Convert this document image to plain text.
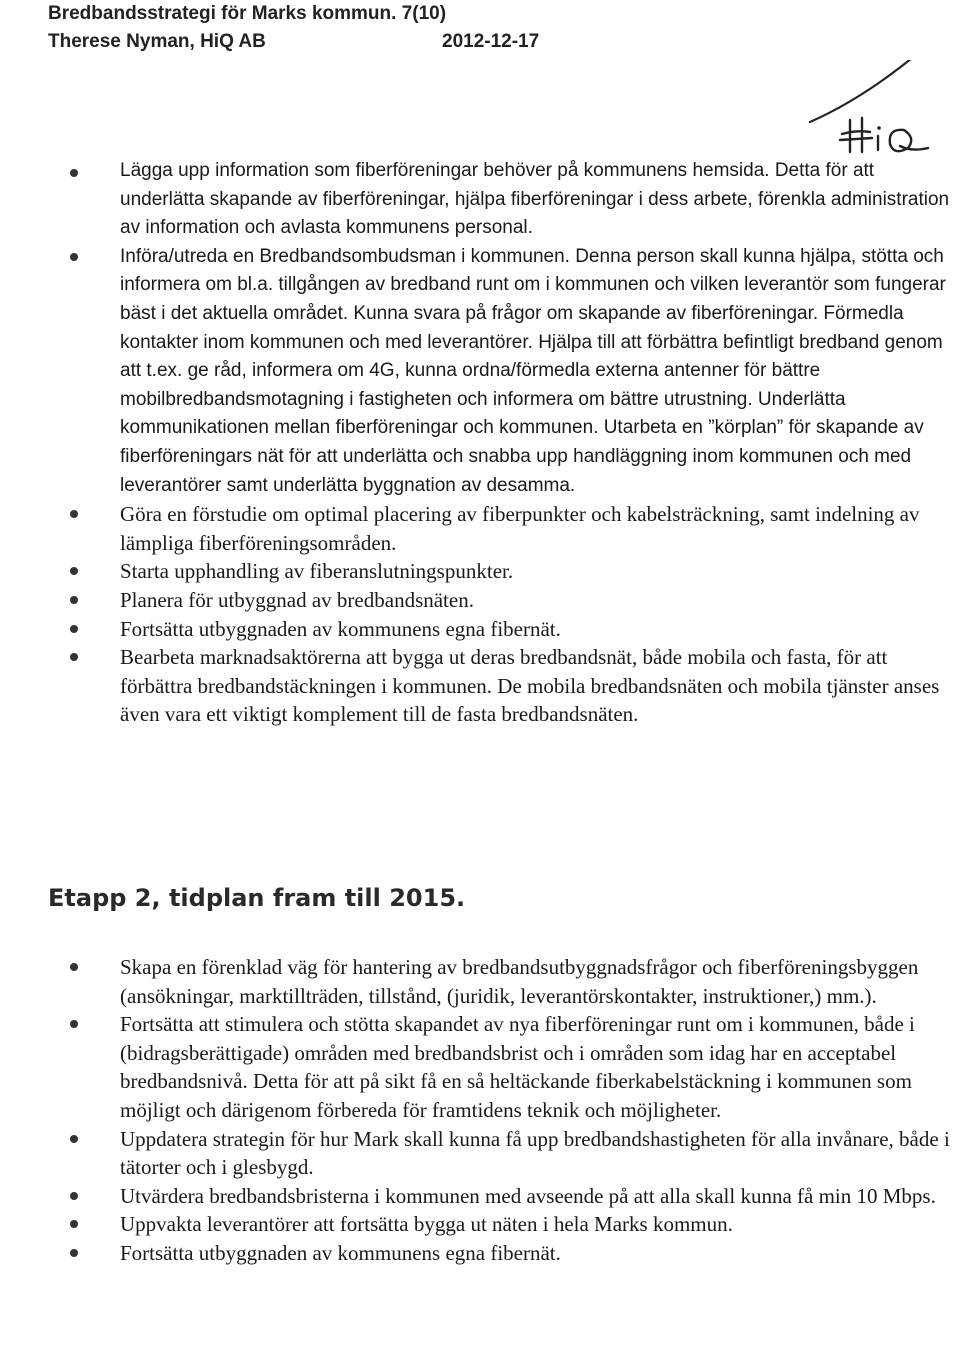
Bredbandsstrategi för Marks kommun. 7(10)
Therese Nyman, HiQ AB	2012-12-17
Lägga upp information som fiberföreningar behöver på kommunens hemsida. Detta för att underlätta skapande av fiberföreningar, hjälpa fiberföreningar i dess arbete, förenkla administration av information och avlasta kommunens personal.
Införa/utreda en Bredbandsombudsman i kommunen. Denna person skall kunna hjälpa, stötta och informera om bl.a. tillgången av bredband runt om i kommunen och vilken leverantör som fungerar bäst i det aktuella området. Kunna svara på frågor om skapande av fiberföreningar. Förmedla kontakter inom kommunen och med leverantörer. Hjälpa till att förbättra befintligt bredband genom att t.ex. ge råd, informera om 4G, kunna ordna/förmedla externa antenner för bättre mobilbredbandsmotagning i fastigheten och informera om bättre utrustning. Underlätta kommunikationen mellan fiberföreningar och kommunen. Utarbeta en ”körplan” för skapande av fiberföreningars nät för att underlätta och snabba upp handläggning inom kommunen och med leverantörer samt underlätta byggnation av desamma.
Göra en förstudie om optimal placering av fiberpunkter och kabelsträckning, samt indelning av lämpliga fiberföreningsområden.
Starta upphandling av fiberanslutningspunkter.
Planera för utbyggnad av bredbandsnäten.
Fortsätta utbyggnaden av kommunens egna fibernät.
Bearbeta marknadsaktörerna att bygga ut deras bredbandsnät, både mobila och fasta, för att förbättra bredbandstäckningen i kommunen. De mobila bredbandsnäten och mobila tjänster anses även vara ett viktigt komplement till de fasta bredbandsnäten.
Etapp 2, tidplan fram till 2015.
Skapa en förenklad väg för hantering av bredbandsutbyggnadsfrågor och fiberföreningsbyggen (ansökningar, marktillträden, tillstånd, (juridik, leverantörskontakter, instruktioner,) mm.).
Fortsätta att stimulera och stötta skapandet av nya fiberföreningar runt om i kommunen, både i (bidragsberättigade) områden med bredbandsbrist och i områden som idag har en acceptabel bredbandsnivå. Detta för att på sikt få en så heltäckande fiberkabelstäckning i kommunen som möjligt och därigenom förbereda för framtidens teknik och möjligheter.
Uppdatera strategin för hur Mark skall kunna få upp bredbandshastigheten för alla invånare, både i tätorter och i glesbygd.
Utvärdera bredbandsbristerna i kommunen med avseende på att alla skall kunna få min 10 Mbps.
Uppvakta leverantörer att fortsätta bygga ut näten i hela Marks kommun.
Fortsätta utbyggnaden av kommunens egna fibernät.
